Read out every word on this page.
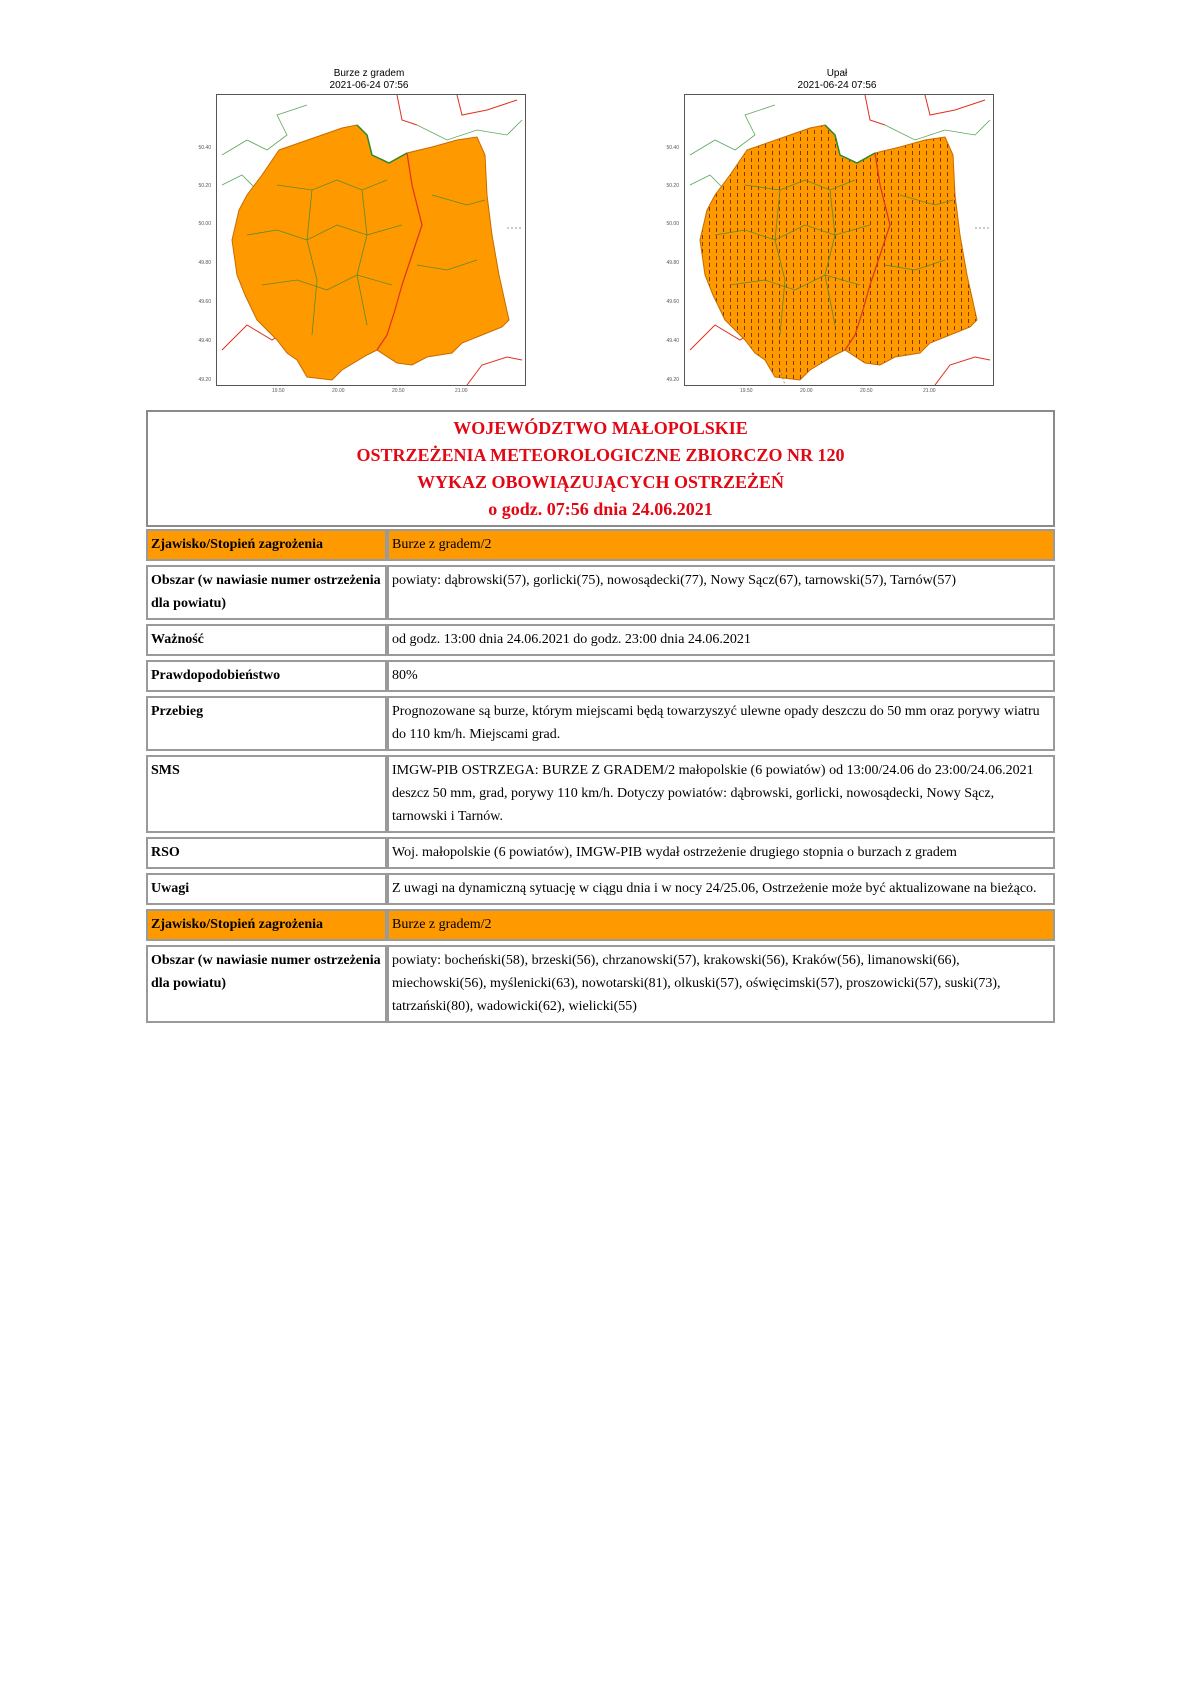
Burze z gradem
2021-06-24 07:56
50.40
50.20
50.00
49.80
49.60
49.40
49.20
19.50	20.00	20.50	21.00
Upał
2021-06-24 07:56
50.40
50.20
50.00
49.80
49.60
49.40
49.20
19.50	20.00	20.50	21.00
WOJEWÓDZTWO MAŁOPOLSKIE
OSTRZEŻENIA METEOROLOGICZNE ZBIORCZO NR 120
WYKAZ OBOWIĄZUJĄCYCH OSTRZEŻEŃ
o godz. 07:56 dnia 24.06.2021
Zjawisko/Stopień zagrożenia	Burze z gradem/2
Obszar (w nawiasie numer ostrzeżenia dla powiatu)	powiaty: dąbrowski(57), gorlicki(75), nowosądecki(77), Nowy Sącz(67), tarnowski(57), Tarnów(57)
Ważność	od godz. 13:00 dnia 24.06.2021 do godz. 23:00 dnia 24.06.2021
Prawdopodobieństwo	80%
Przebieg	Prognozowane są burze, którym miejscami będą towarzyszyć ulewne opady deszczu do 50 mm oraz porywy wiatru do 110 km/h. Miejscami grad.
SMS	IMGW-PIB OSTRZEGA: BURZE Z GRADEM/2 małopolskie (6 powiatów) od 13:00/24.06 do 23:00/24.06.2021 deszcz 50 mm, grad, porywy 110 km/h. Dotyczy powiatów: dąbrowski, gorlicki, nowosądecki, Nowy Sącz, tarnowski i Tarnów.
RSO	Woj. małopolskie (6 powiatów), IMGW-PIB wydał ostrzeżenie drugiego stopnia o burzach z gradem
Uwagi	Z uwagi na dynamiczną sytuację w ciągu dnia i w nocy 24/25.06, Ostrzeżenie może być aktualizowane na bieżąco.
Zjawisko/Stopień zagrożenia	Burze z gradem/2
Obszar (w nawiasie numer ostrzeżenia dla powiatu)	powiaty: bocheński(58), brzeski(56), chrzanowski(57), krakowski(56), Kraków(56), limanowski(66), miechowski(56), myślenicki(63), nowotarski(81), olkuski(57), oświęcimski(57), proszowicki(57), suski(73), tatrzański(80), wadowicki(62), wielicki(55)
